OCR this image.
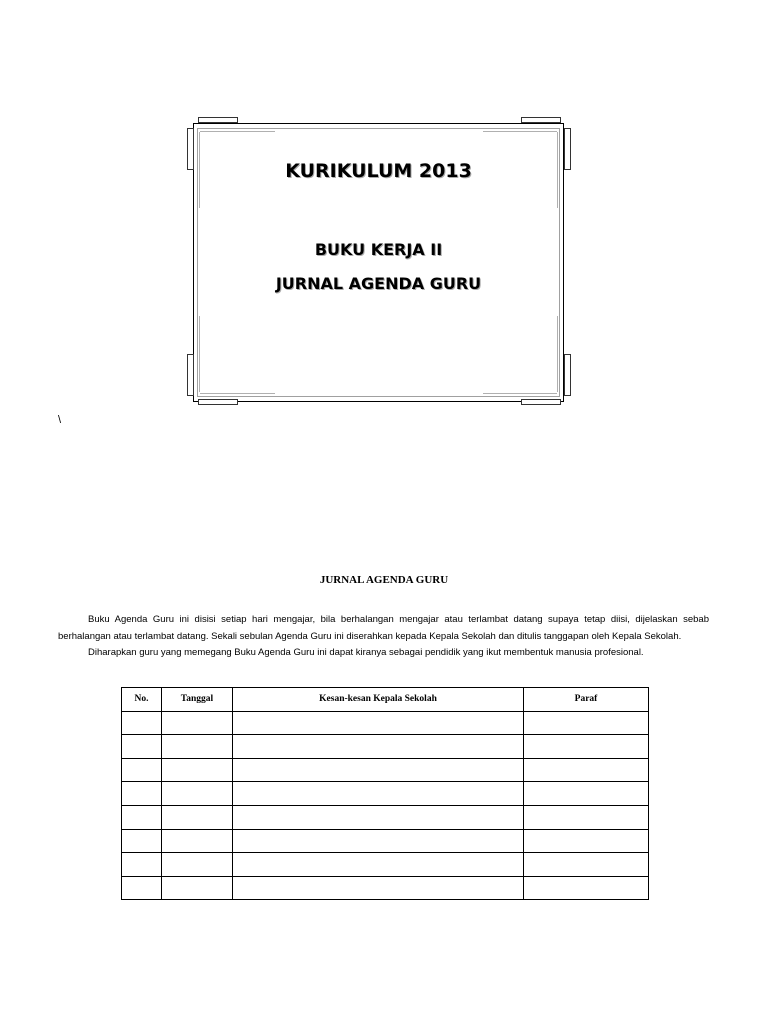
KURIKULUM 2013
BUKU KERJA II
JURNAL AGENDA GURU
\
JURNAL AGENDA GURU
Buku Agenda Guru ini disisi setiap hari mengajar, bila berhalangan mengajar atau terlambat datang supaya tetap diisi, dijelaskan sebab berhalangan atau terlambat datang. Sekali sebulan Agenda Guru ini diserahkan kepada Kepala Sekolah dan ditulis tanggapan oleh Kepala Sekolah.
Diharapkan guru yang memegang Buku Agenda Guru ini dapat kiranya sebagai pendidik yang ikut membentuk manusia profesional.
No.	Tanggal	Kesan-kesan Kepala Sekolah	Paraf
